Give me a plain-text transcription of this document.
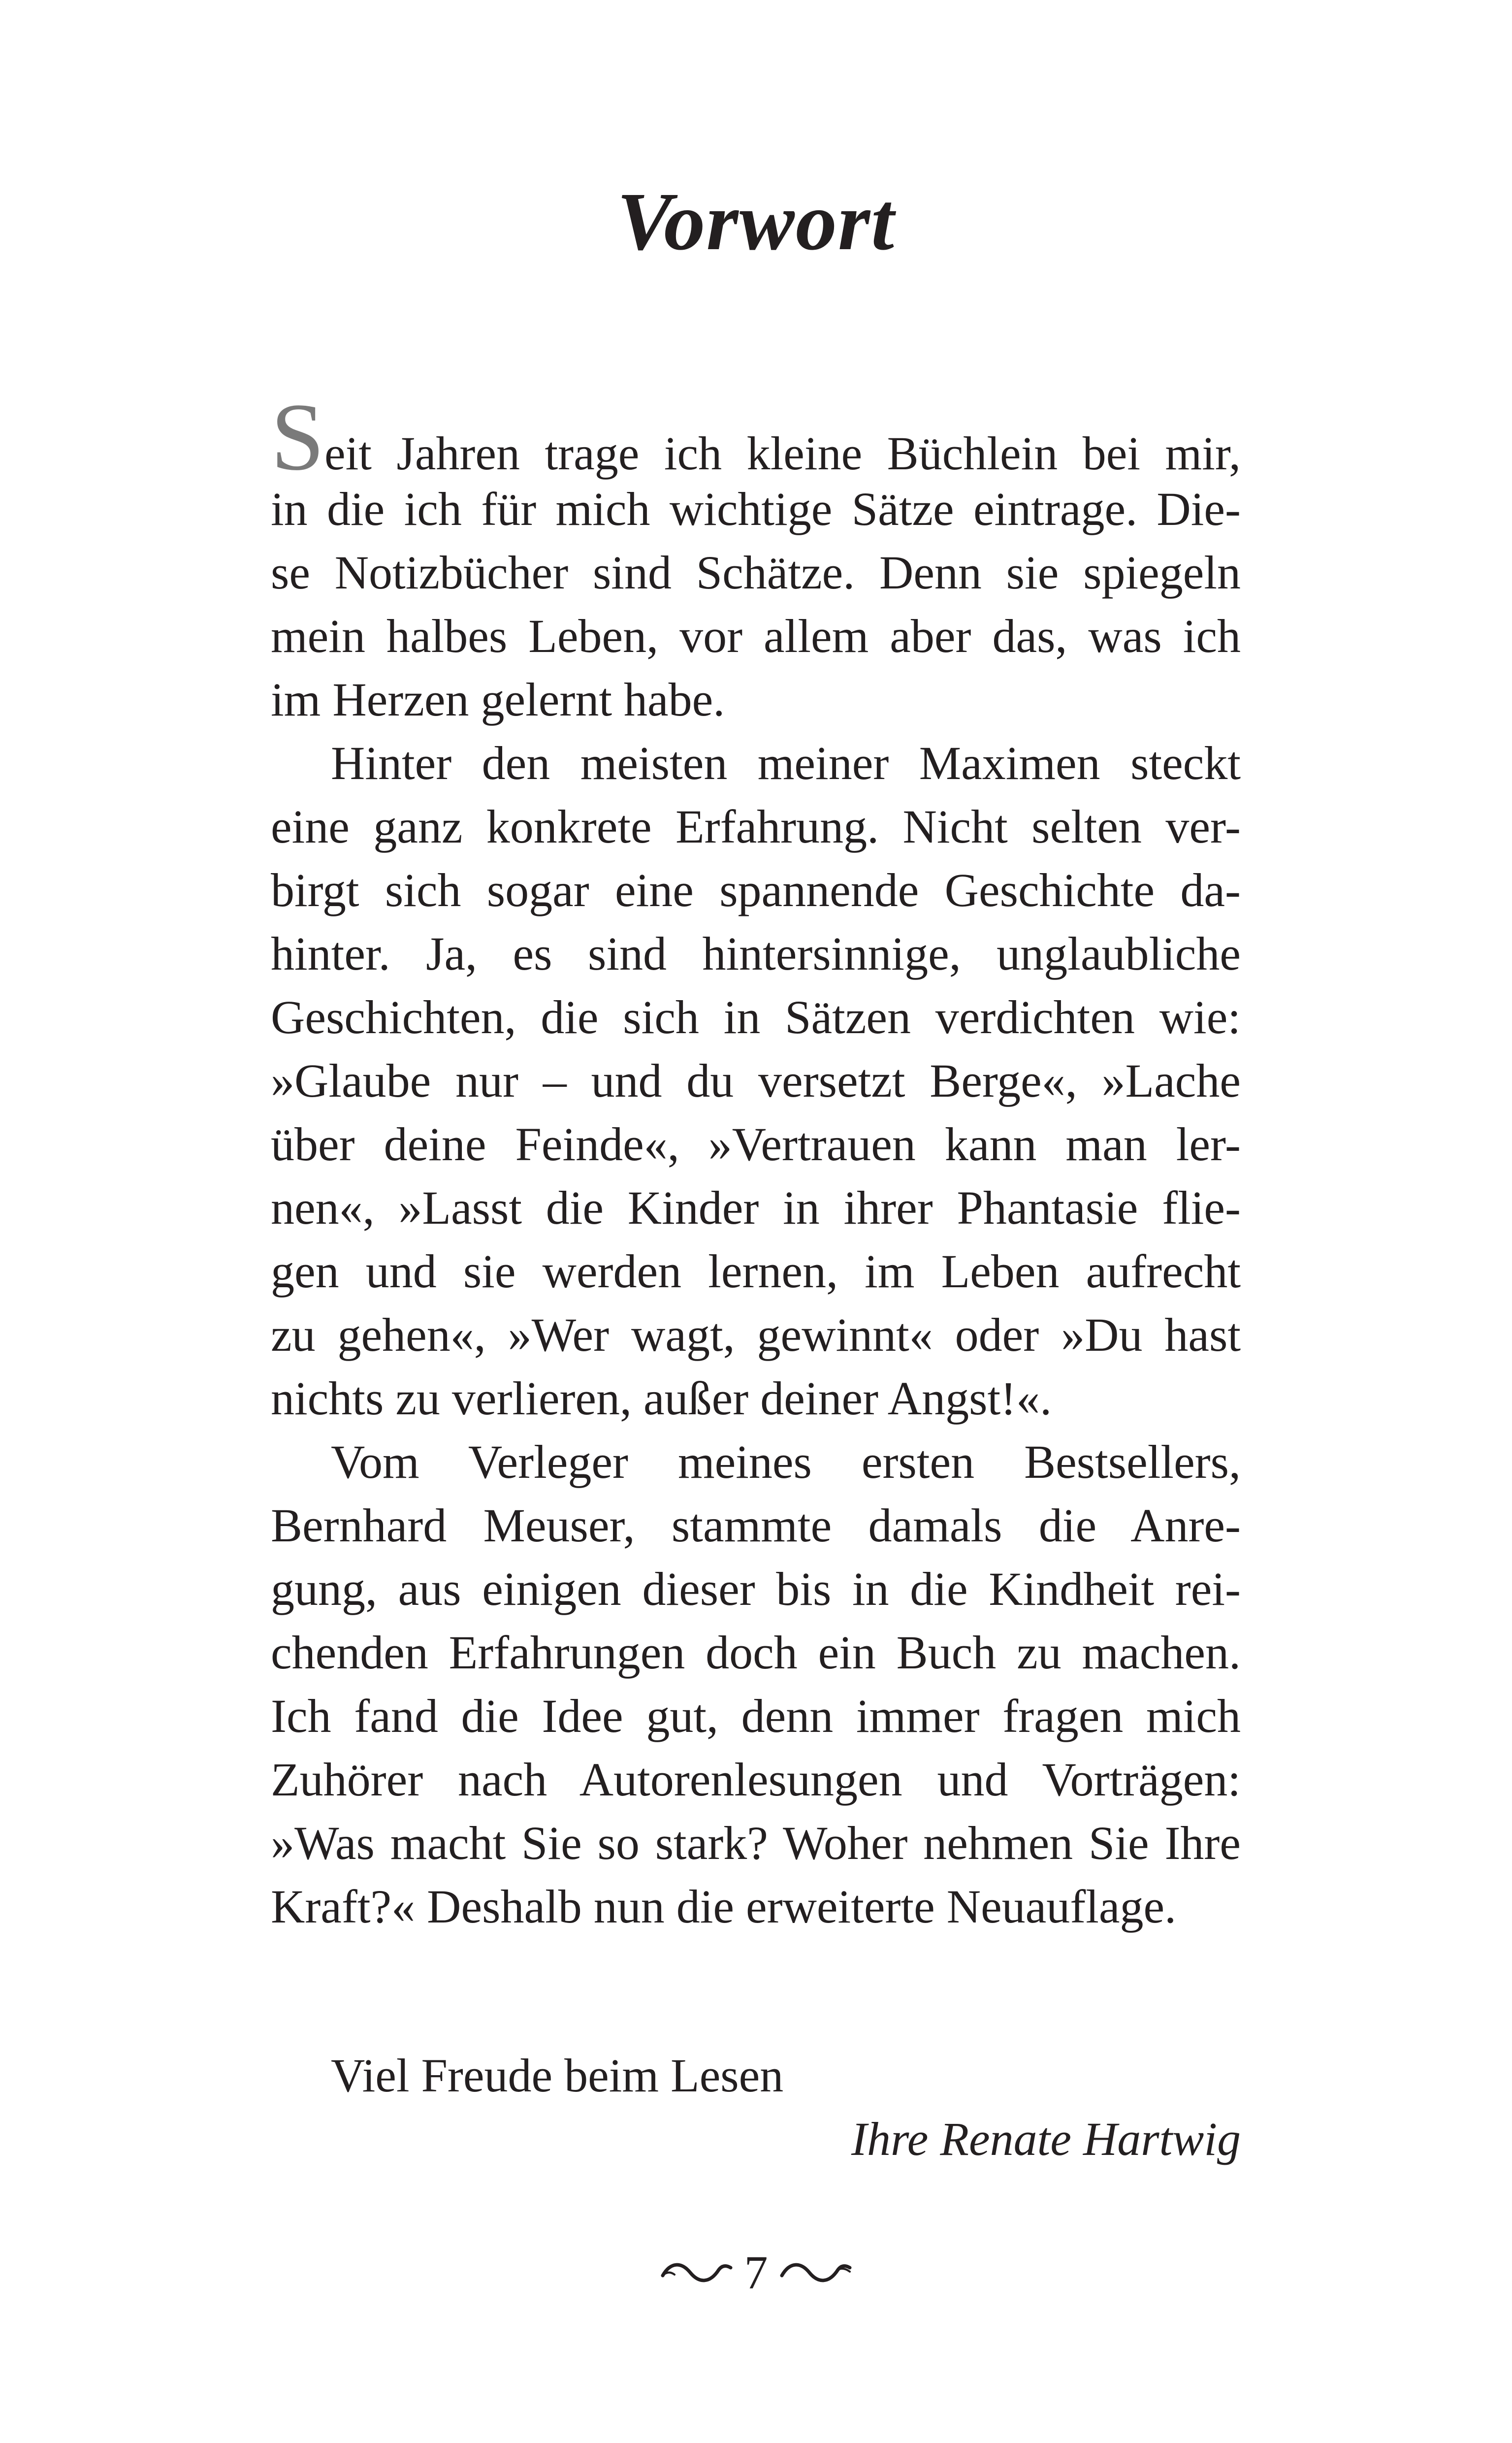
Vorwort
Seit Jahren trage ich kleine Büchlein bei mir,
in die ich für mich wichtige Sätze eintrage. Die-
se Notizbücher sind Schätze. Denn sie spiegeln
mein halbes Leben, vor allem aber das, was ich
im Herzen gelernt habe.
Hinter den meisten meiner Maximen steckt
eine ganz konkrete Erfahrung. Nicht selten ver-
birgt sich sogar eine spannende Geschichte da-
hinter. Ja, es sind hintersinnige, unglaubliche
Geschichten, die sich in Sätzen verdichten wie:
»Glaube nur – und du versetzt Berge«, »Lache
über deine Feinde«, »Vertrauen kann man ler-
nen«, »Lasst die Kinder in ihrer Phantasie flie-
gen und sie werden lernen, im Leben aufrecht
zu gehen«, »Wer wagt, gewinnt« oder »Du hast
nichts zu verlieren, außer deiner Angst!«.
Vom Verleger meines ersten Bestsellers,
Bernhard Meuser, stammte damals die Anre-
gung, aus einigen dieser bis in die Kindheit rei-
chenden Erfahrungen doch ein Buch zu machen.
Ich fand die Idee gut, denn immer fragen mich
Zuhörer nach Autorenlesungen und Vorträgen:
»Was macht Sie so stark? Woher nehmen Sie Ihre
Kraft?« Deshalb nun die erweiterte Neuauflage.
Viel Freude beim Lesen
Ihre Renate Hartwig
7
